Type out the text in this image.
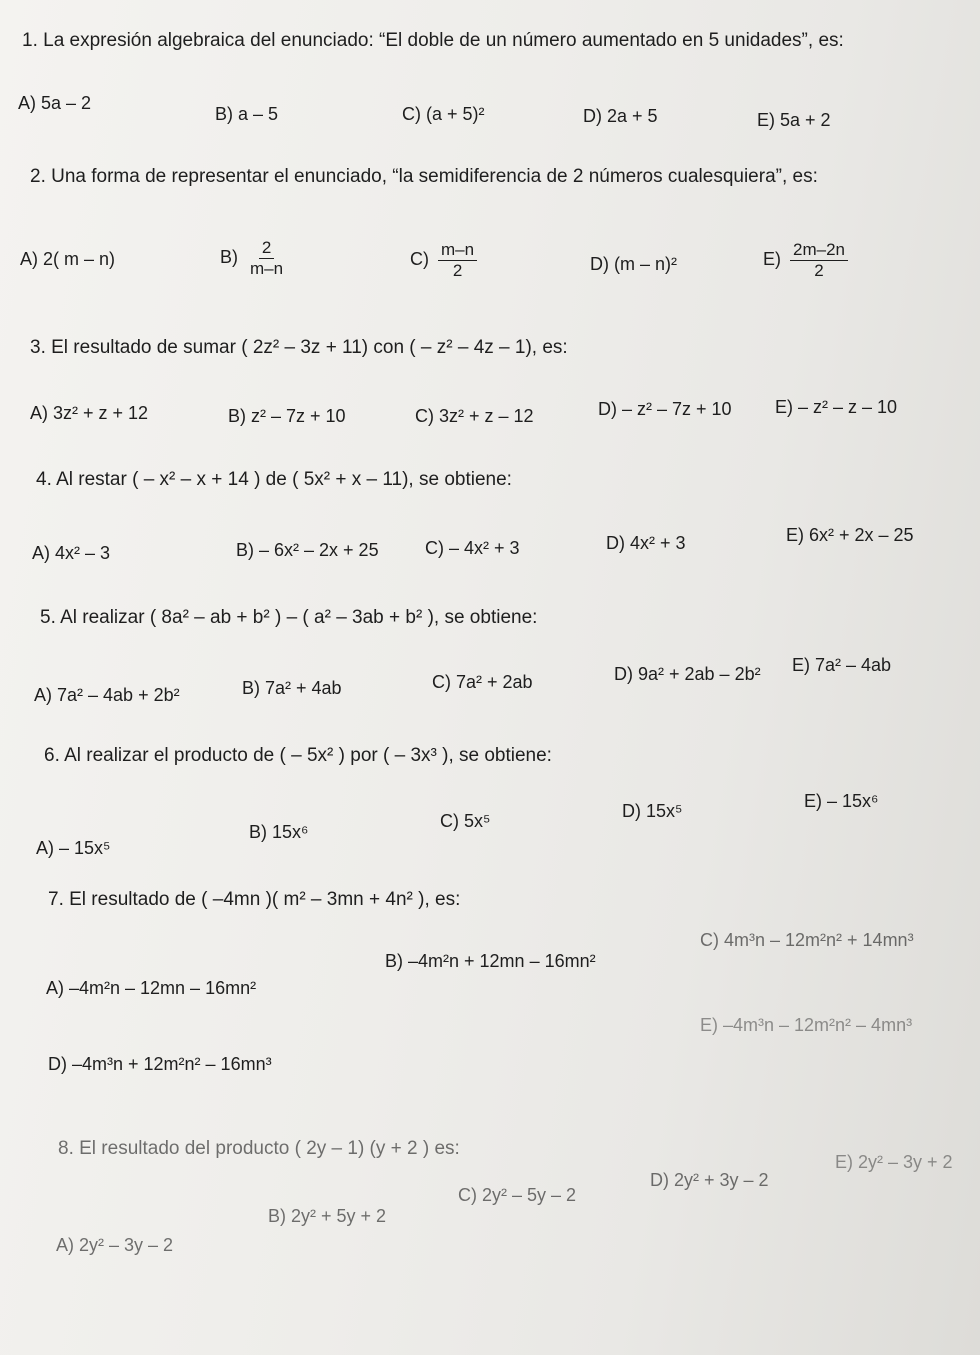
1. La expresión algebraica del enunciado: “El doble de un número aumentado en 5 unidades”, es:
A) 5a – 2
B) a – 5	C) (a + 5)²	D) 2a + 5	E) 5a + 2
2. Una forma de representar el enunciado, “la semidiferencia de 2 números cualesquiera”, es:
A) 2( m – n)	$B) \frac{2}{m-n}$	$C) \frac{m-n}{2}$	D) (m – n)²	$E) \frac{2m-2n}{2}$
3. El resultado de sumar ( 2z² – 3z + 11) con ( – z² – 4z – 1), es:
A) 3z² + z + 12	B) z² – 7z + 10	C) 3z² + z – 12	D) – z² – 7z + 10 E) – z² – z – 10
4. Al restar ( – x² – x + 14 ) de ( 5x² + x – 11), se obtiene:
A) 4x² – 3	B) – 6x² – 2x + 25	C) – 4x² + 3	D) 4x² + 3	E) 6x² + 2x – 25
5. Al realizar ( 8a² – ab + b² ) – ( a² – 3ab + b² ), se obtiene:
A) 7a² – 4ab + 2b²	B) 7a² + 4ab	C) 7a² + 2ab	D) 9a² + 2ab – 2b² E) 7a² – 4ab
6. Al realizar el producto de ( – 5x² ) por ( – 3x³ ), se obtiene:
A) – 15x⁵
B) 15x⁶
C) 5x⁵	D) 15x⁵	E) – 15x⁶
7. El resultado de ( –4mn )( m² – 3mn + 4n² ), es:
A) –4m²n – 12mn – 16mn²
B) –4m²n + 12mn – 16mn²
C) 4m³n – 12m²n² + 14mn³
D) –4m³n + 12m²n² – 16mn³
E) –4m³n – 12m²n² – 4mn³
8. El resultado del producto ( 2y – 1) (y + 2 ) es:
A) 2y² – 3y – 2
B) 2y² + 5y + 2
C) 2y² – 5y – 2
D) 2y² + 3y – 2
E) 2y² – 3y + 2
